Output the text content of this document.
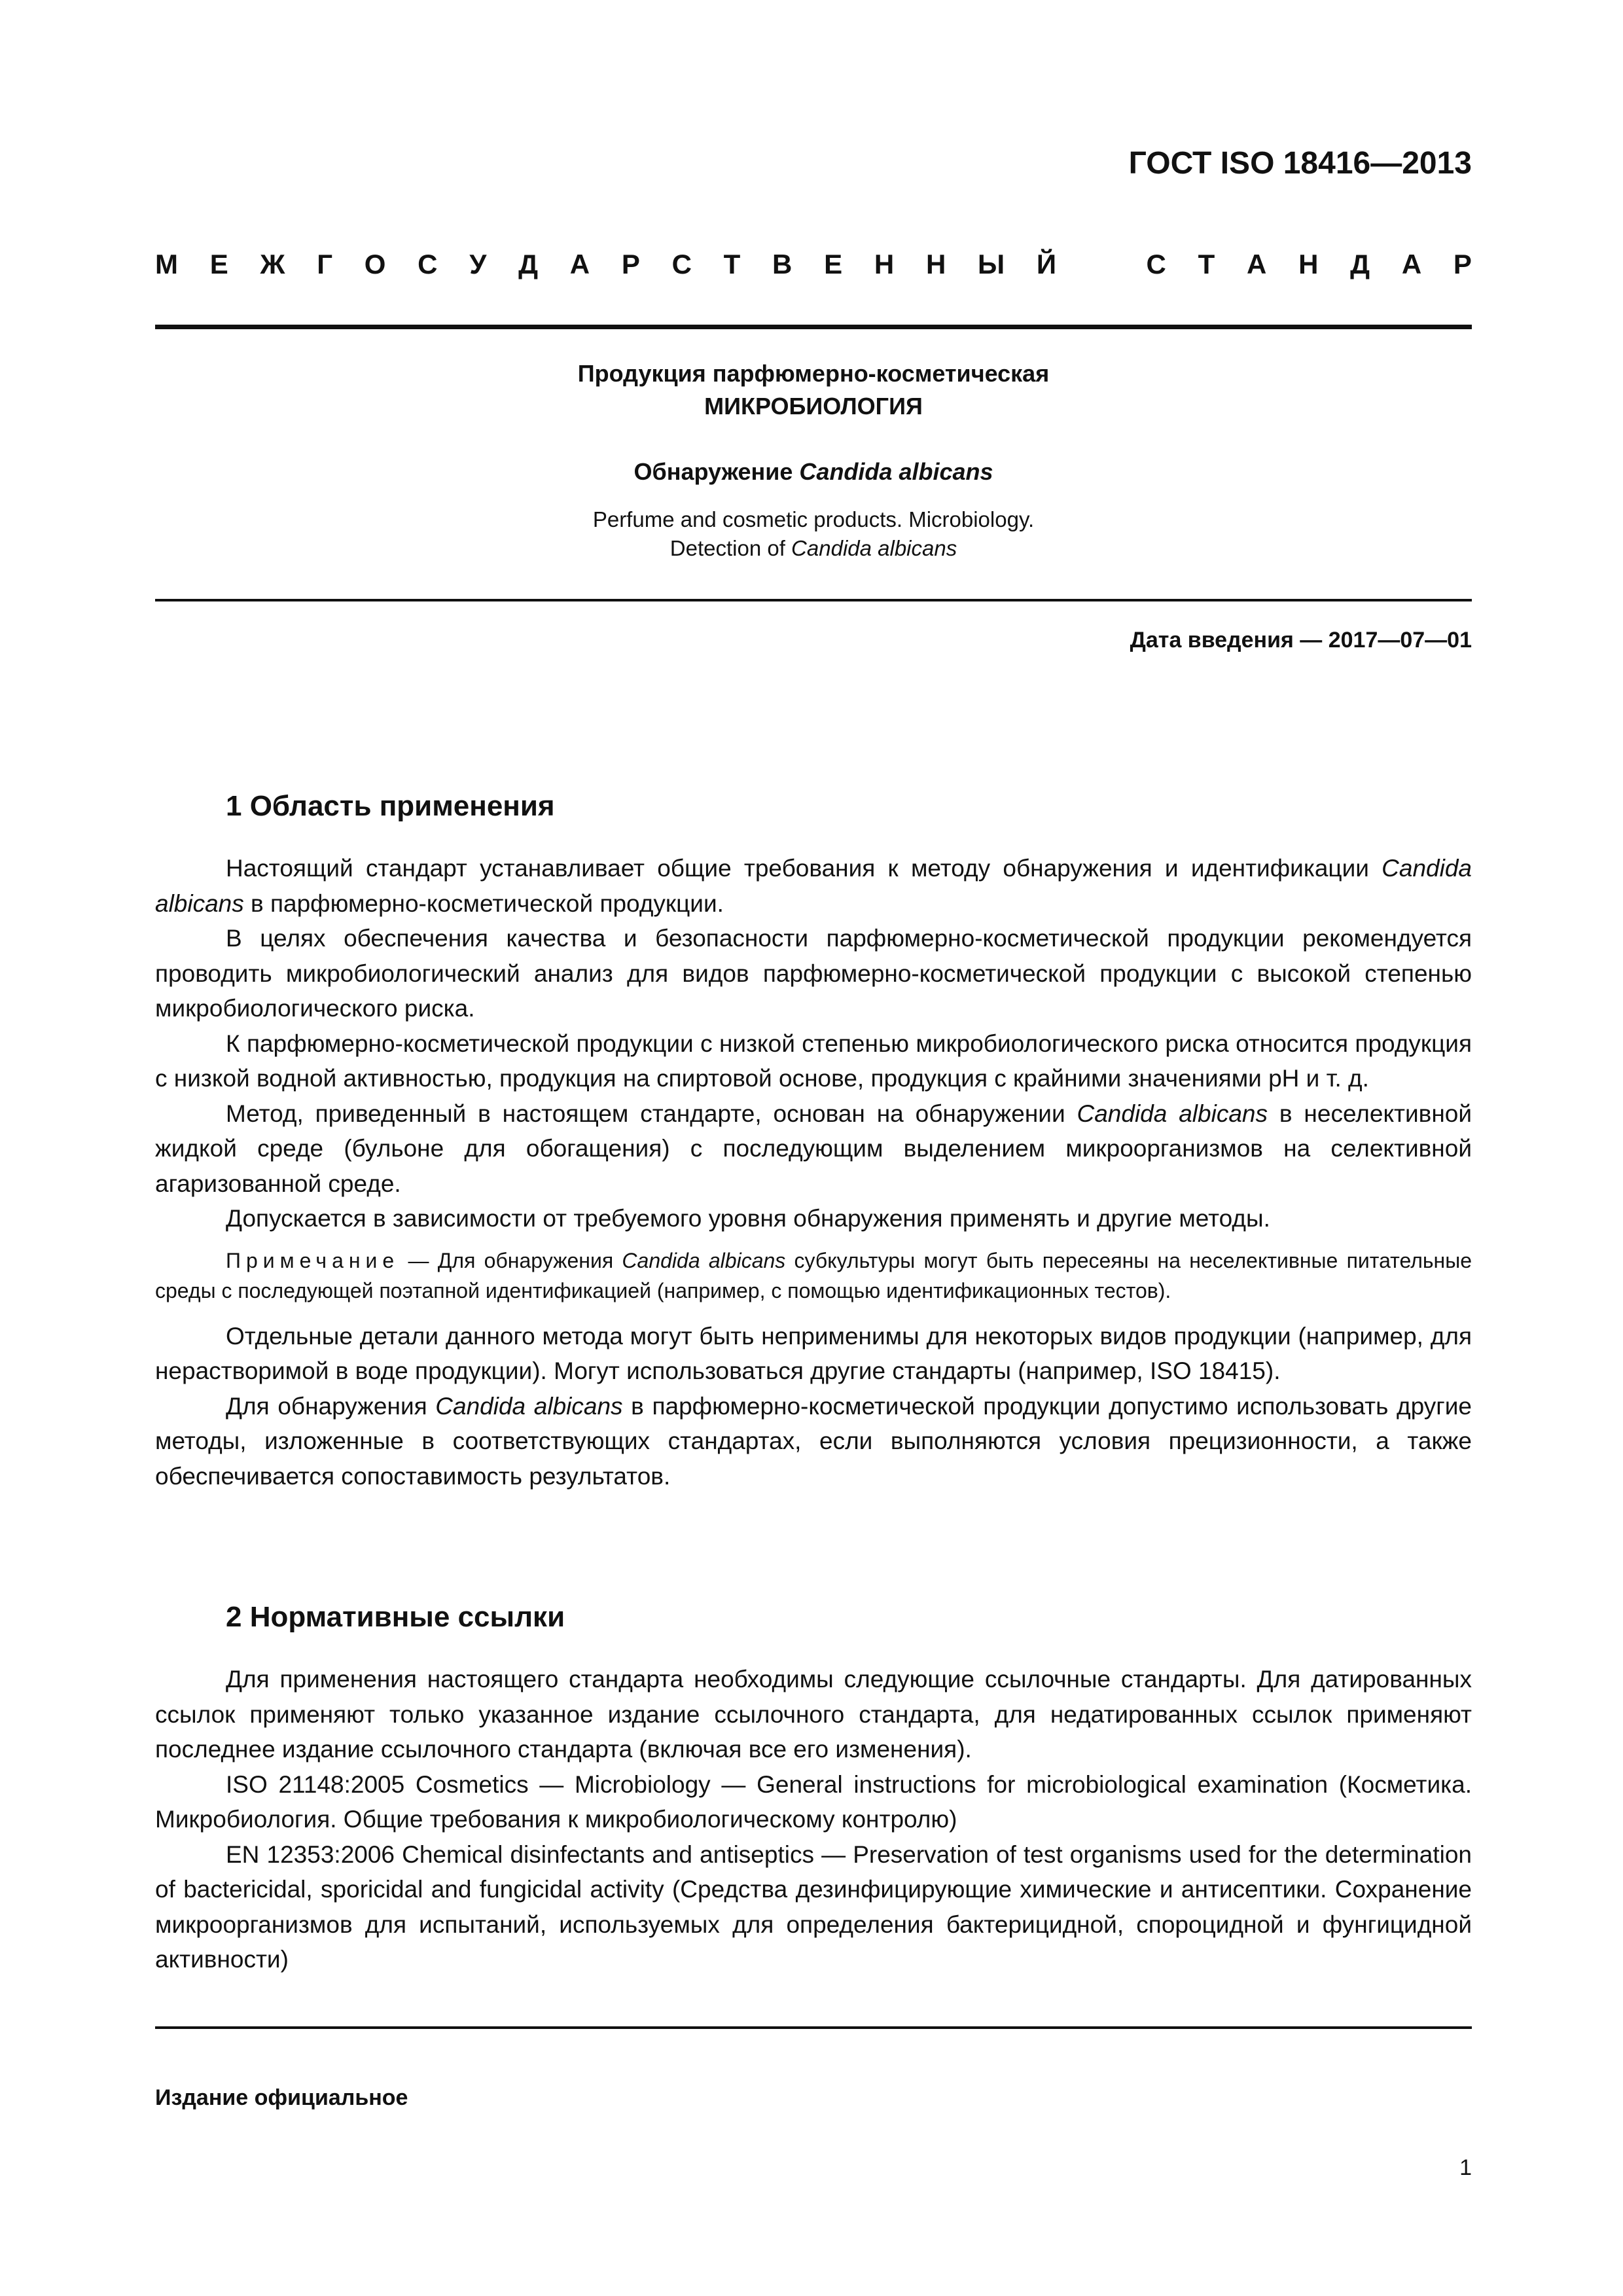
ГОСТ ISO 18416—2013
М Е Ж Г О С У Д А Р С Т В Е Н Н Ы Й	С Т А Н Д А Р
Продукция парфюмерно-косметическая
МИКРОБИОЛОГИЯ
Обнаружение Candida albicans
Perfume and cosmetic products. Microbiology.
Detection of Candida albicans
Дата введения — 2017—07—01
1 Область применения

Настоящий стандарт устанавливает общие требования к методу обнаружения и идентификации Candida albicans в парфюмерно-косметической продукции.

В целях обеспечения качества и безопасности парфюмерно-косметической продукции рекомендуется проводить микробиологический анализ для видов парфюмерно-косметической продукции с высокой степенью микробиологического риска.

К парфюмерно-косметической продукции с низкой степенью микробиологического риска относится продукция с низкой водной активностью, продукция на спиртовой основе, продукция с крайними значениями pH и т. д.

Метод, приведенный в настоящем стандарте, основан на обнаружении Candida albicans в неселективной жидкой среде (бульоне для обогащения) с последующим выделением микроорганизмов на селективной агаризованной среде.

Допускается в зависимости от требуемого уровня обнаружения применять и другие методы.

Примечание — Для обнаружения Candida albicans субкультуры могут быть пересеяны на неселективные питательные среды с последующей поэтапной идентификацией (например, с помощью идентификационных тестов).

Отдельные детали данного метода могут быть неприменимы для некоторых видов продукции (например, для нерастворимой в воде продукции). Могут использоваться другие стандарты (например, ISO 18415).

Для обнаружения Candida albicans в парфюмерно-косметической продукции допустимо использовать другие методы, изложенные в соответствующих стандартах, если выполняются условия прецизионности, а также обеспечивается сопоставимость результатов.

2 Нормативные ссылки

Для применения настоящего стандарта необходимы следующие ссылочные стандарты. Для датированных ссылок применяют только указанное издание ссылочного стандарта, для недатированных ссылок применяют последнее издание ссылочного стандарта (включая все его изменения).

ISO 21148:2005 Cosmetics — Microbiology — General instructions for microbiological examination (Косметика. Микробиология. Общие требования к микробиологическому контролю)

EN 12353:2006 Chemical disinfectants and antiseptics — Preservation of test organisms used for the determination of bactericidal, sporicidal and fungicidal activity (Средства дезинфицирующие химические и антисептики. Сохранение микроорганизмов для испытаний, используемых для определения бактерицидной, спороцидной и фунгицидной активности)

Издание официальное
1
